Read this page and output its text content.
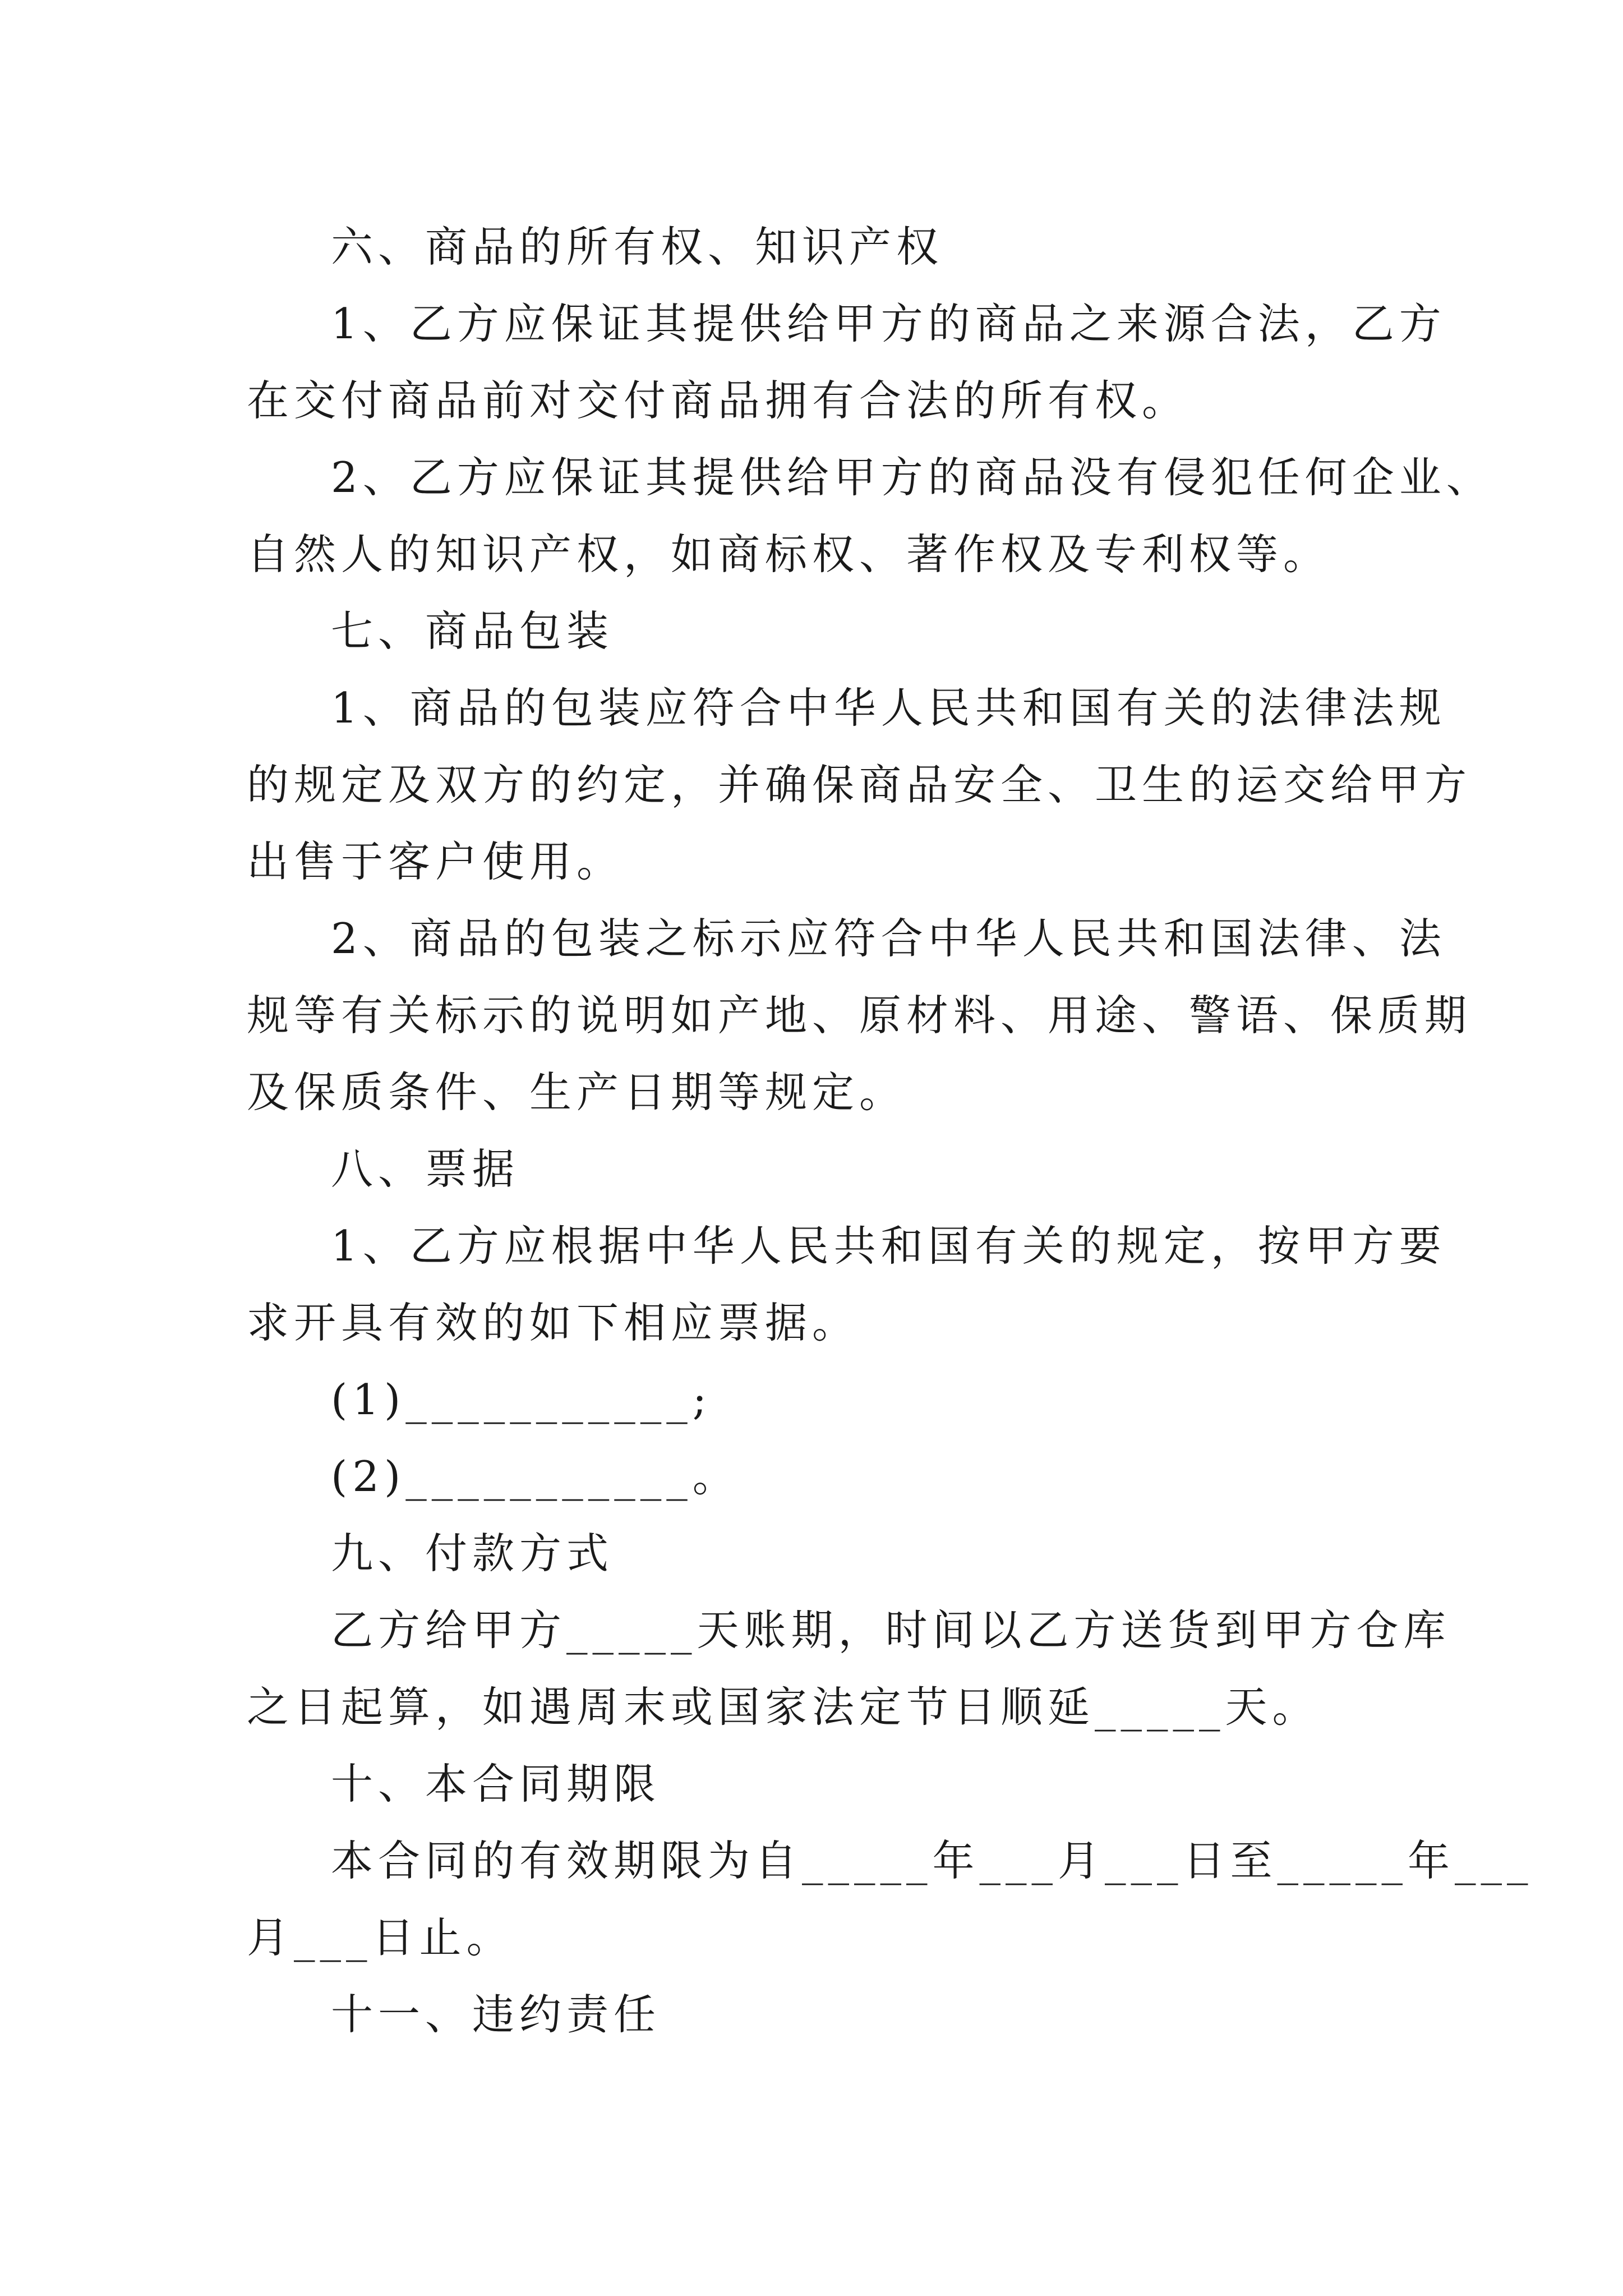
六、商品的所有权、知识产权
1、乙方应保证其提供给甲方的商品之来源合法，乙方
在交付商品前对交付商品拥有合法的所有权。
2、乙方应保证其提供给甲方的商品没有侵犯任何企业、
自然人的知识产权，如商标权、著作权及专利权等。
七、商品包装
1、商品的包装应符合中华人民共和国有关的法律法规
的规定及双方的约定，并确保商品安全、卫生的运交给甲方
出售于客户使用。
2、商品的包装之标示应符合中华人民共和国法律、法
规等有关标示的说明如产地、原材料、用途、警语、保质期
及保质条件、生产日期等规定。
八、票据
1、乙方应根据中华人民共和国有关的规定，按甲方要
求开具有效的如下相应票据。
(1)___________;
(2)___________。
九、付款方式
乙方给甲方_____天账期，时间以乙方送货到甲方仓库
之日起算，如遇周末或国家法定节日顺延_____天。
十、本合同期限
本合同的有效期限为自_____年___月___日至_____年___
月___日止。
十一、违约责任
